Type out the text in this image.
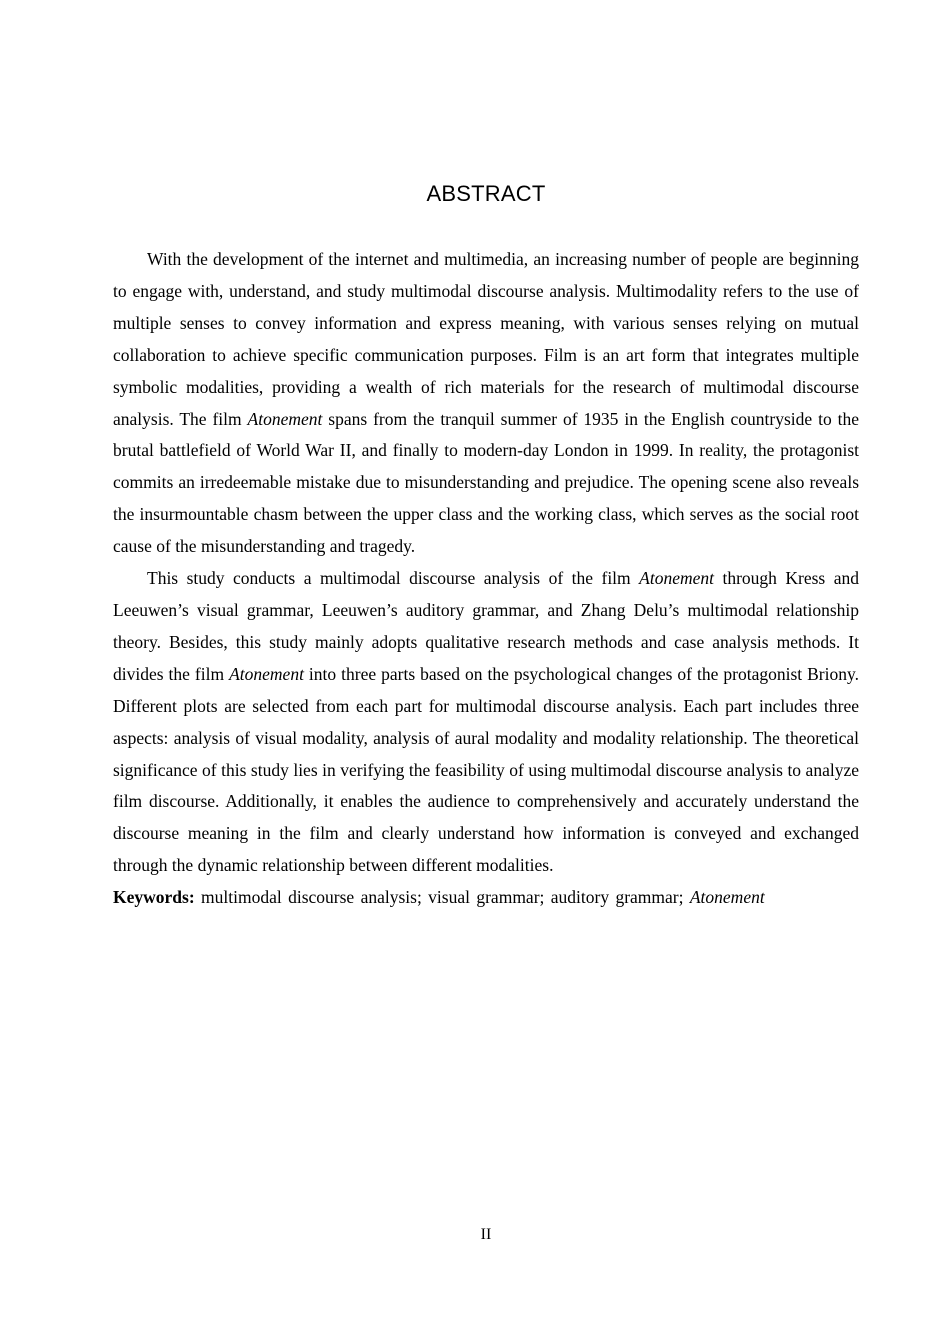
ABSTRACT

With the development of the internet and multimedia, an increasing number of people are beginning to engage with, understand, and study multimodal discourse analysis. Multimodality refers to the use of multiple senses to convey information and express meaning, with various senses relying on mutual collaboration to achieve specific communication purposes. Film is an art form that integrates multiple symbolic modalities, providing a wealth of rich materials for the research of multimodal discourse analysis. The film Atonement spans from the tranquil summer of 1935 in the English countryside to the brutal battlefield of World War II, and finally to modern-day London in 1999. In reality, the protagonist commits an irredeemable mistake due to misunderstanding and prejudice. The opening scene also reveals the insurmountable chasm between the upper class and the working class, which serves as the social root cause of the misunderstanding and tragedy.

This study conducts a multimodal discourse analysis of the film Atonement through Kress and Leeuwen’s visual grammar, Leeuwen’s auditory grammar, and Zhang Delu’s multimodal relationship theory. Besides, this study mainly adopts qualitative research methods and case analysis methods. It divides the film Atonement into three parts based on the psychological changes of the protagonist Briony. Different plots are selected from each part for multimodal discourse analysis. Each part includes three aspects: analysis of visual modality, analysis of aural modality and modality relationship. The theoretical significance of this study lies in verifying the feasibility of using multimodal discourse analysis to analyze film discourse. Additionally, it enables the audience to comprehensively and accurately understand the discourse meaning in the film and clearly understand how information is conveyed and exchanged through the dynamic relationship between different modalities.

Keywords: multimodal discourse analysis; visual grammar; auditory grammar; Atonement

II
